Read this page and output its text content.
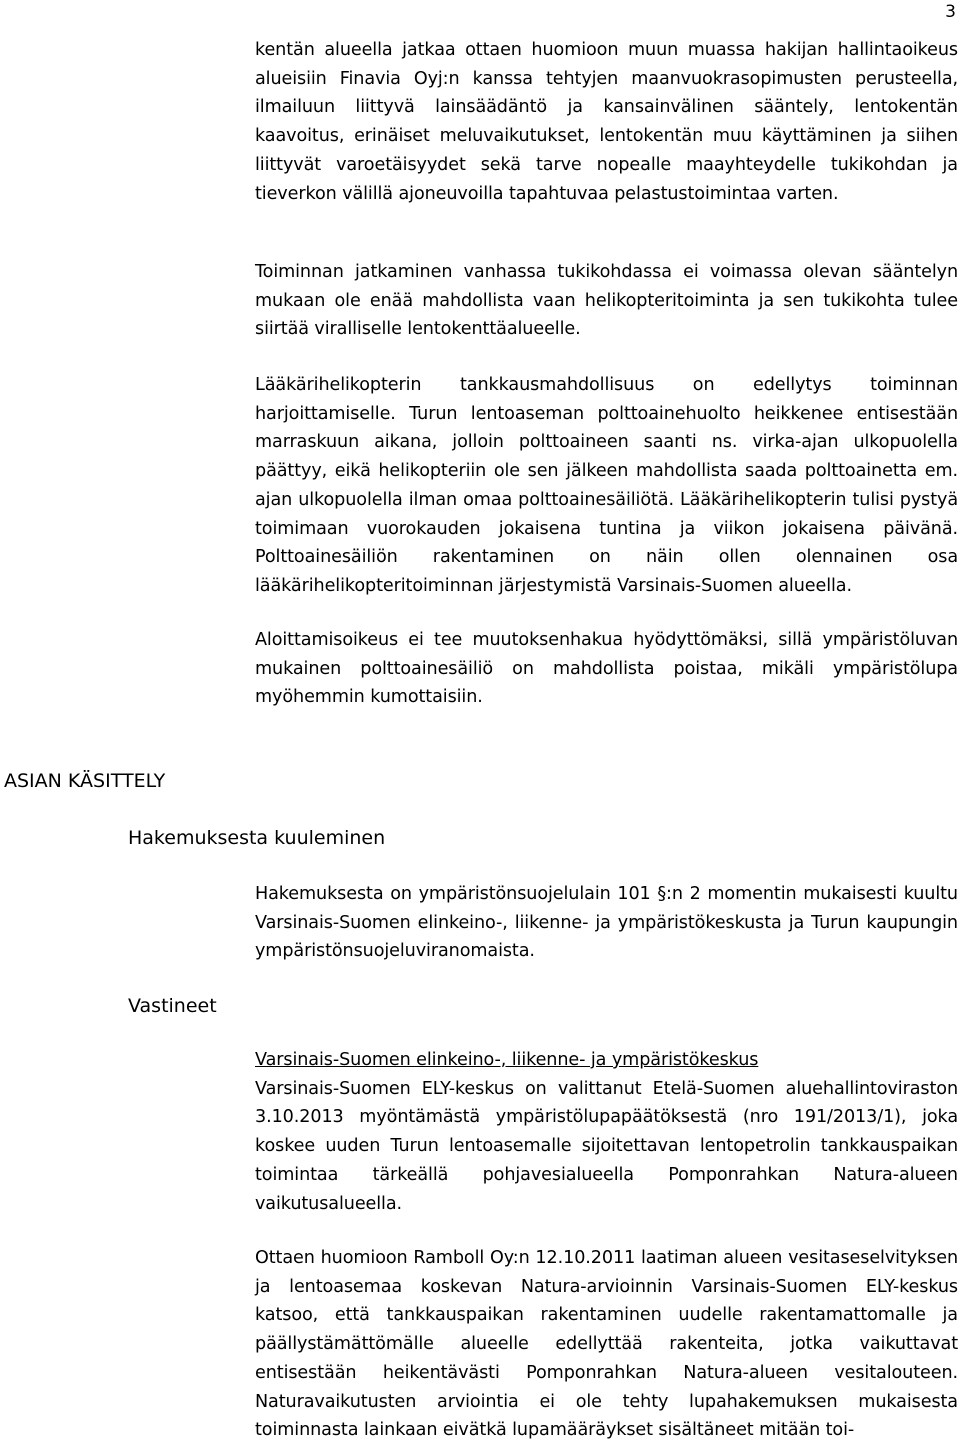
3

kentän alueella jatkaa ottaen huomioon muun muassa hakijan hallintaoikeus alueisiin Finavia Oyj:n kanssa tehtyjen maanvuokrasopimusten perusteella, ilmailuun liittyvä lainsäädäntö ja kansainvälinen sääntely, lentokentän kaavoitus, erinäiset meluvaikutukset, lentokentän muu käyttäminen ja siihen liittyvät varoetäisyydet sekä tarve nopealle maayhteydelle tukikohdan ja tieverkon välillä ajoneuvoilla tapahtuvaa pelastustoimintaa varten.

Toiminnan jatkaminen vanhassa tukikohdassa ei voimassa olevan sääntelyn mukaan ole enää mahdollista vaan helikopteritoiminta ja sen tukikohta tulee siirtää viralliselle lentokenttäalueelle.

Lääkärihelikopterin tankkausmahdollisuus on edellytys toiminnan harjoittamiselle. Turun lentoaseman polttoainehuolto heikkenee entisestään marraskuun aikana, jolloin polttoaineen saanti ns. virka-ajan ulkopuolella päättyy, eikä helikopteriin ole sen jälkeen mahdollista saada polttoainetta em. ajan ulkopuolella ilman omaa polttoainesäiliötä. Lääkärihelikopterin tulisi pystyä toimimaan vuorokauden jokaisena tuntina ja viikon jokaisena päivänä. Polttoainesäiliön rakentaminen on näin ollen olennainen osa lääkärihelikopteritoiminnan järjestymistä Varsinais-Suomen alueella.

Aloittamisoikeus ei tee muutoksenhakua hyödyttömäksi, sillä ympäristöluvan mukainen polttoainesäiliö on mahdollista poistaa, mikäli ympäristölupa myöhemmin kumottaisiin.

ASIAN KÄSITTELY
Hakemuksesta kuuleminen

Hakemuksesta on ympäristönsuojelulain 101 §:n 2 momentin mukaisesti kuultu Varsinais-Suomen elinkeino-, liikenne- ja ympäristökeskusta ja Turun kaupungin ympäristönsuojeluviranomaista.

Vastineet
Varsinais-Suomen elinkeino-, liikenne- ja ympäristökeskus
Varsinais-Suomen ELY-keskus on valittanut Etelä-Suomen aluehallintoviraston 3.10.2013 myöntämästä ympäristölupapäätöksestä (nro 191/2013/1), joka koskee uuden Turun lentoasemalle sijoitettavan lentopetrolin tankkauspaikan toimintaa tärkeällä pohjavesialueella Pomponrahkan Natura-alueen vaikutusalueella.

Ottaen huomioon Ramboll Oy:n 12.10.2011 laatiman alueen vesitaseselvityksen ja lentoasemaa koskevan Natura-arvioinnin Varsinais-Suomen ELY-keskus katsoo, että tankkauspaikan rakentaminen uudelle rakentamattomalle ja päällystämättömälle alueelle edellyttää rakenteita, jotka vaikuttavat entisestään heikentävästi Pomponrahkan Natura-alueen vesitalouteen. Naturavaikutusten arviointia ei ole tehty lupahakemuksen mukaisesta toiminnasta lainkaan eivätkä lupamääräykset sisältäneet mitään toi-
